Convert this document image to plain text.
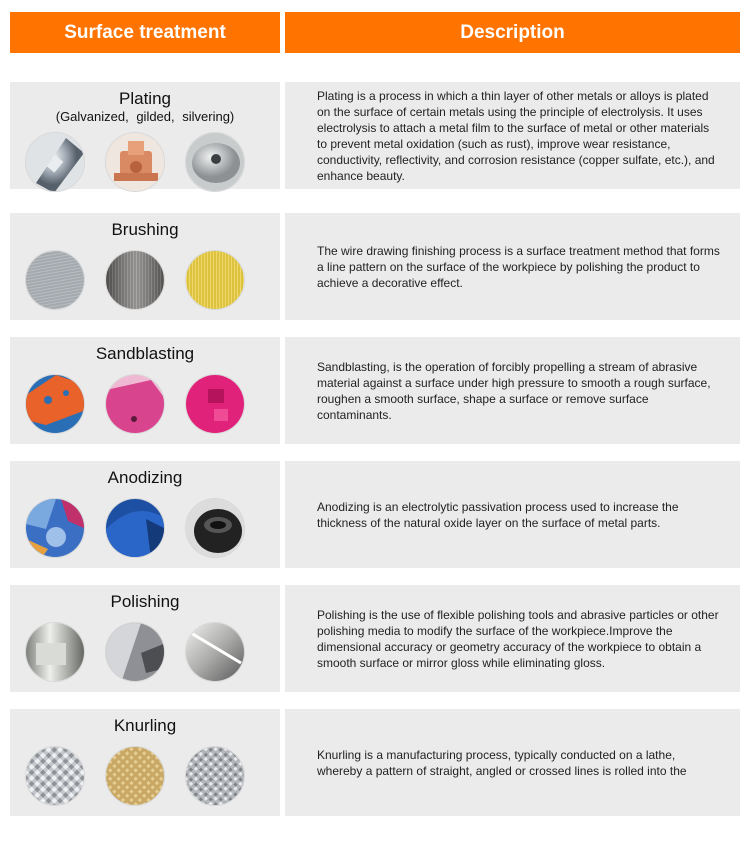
Surface treatment	Description
Plating
(Galvanized, gilded, silvering)
Plating is a process in which a thin layer of other metals or alloys is plated on the surface of certain metals using the principle of electrolysis. It uses electrolysis to attach a metal film to the surface of metal or other materials to prevent metal oxidation (such as rust), improve wear resistance, conductivity, reflectivity, and corrosion resistance (copper sulfate, etc.), and enhance beauty.
Brushing
The wire drawing finishing process is a surface treatment method that forms a line pattern on the surface of the workpiece by polishing the product to achieve a decorative effect.
Sandblasting
Sandblasting, is the operation of forcibly propelling a stream of abrasive material against a surface under high pressure to smooth a rough surface, roughen a smooth surface, shape a surface or remove surface contaminants.
Anodizing
Anodizing is an electrolytic passivation process used to increase the thickness of the natural oxide layer on the surface of metal parts.
Polishing
Polishing is the use of flexible polishing tools and abrasive particles or other polishing media to modify the surface of the workpiece.Improve the dimensional accuracy or geometry accuracy of the workpiece to obtain a smooth surface or mirror gloss while eliminating gloss.
Knurling
Knurling is a manufacturing process, typically conducted on a lathe, whereby a pattern of straight, angled or crossed lines is rolled into the
